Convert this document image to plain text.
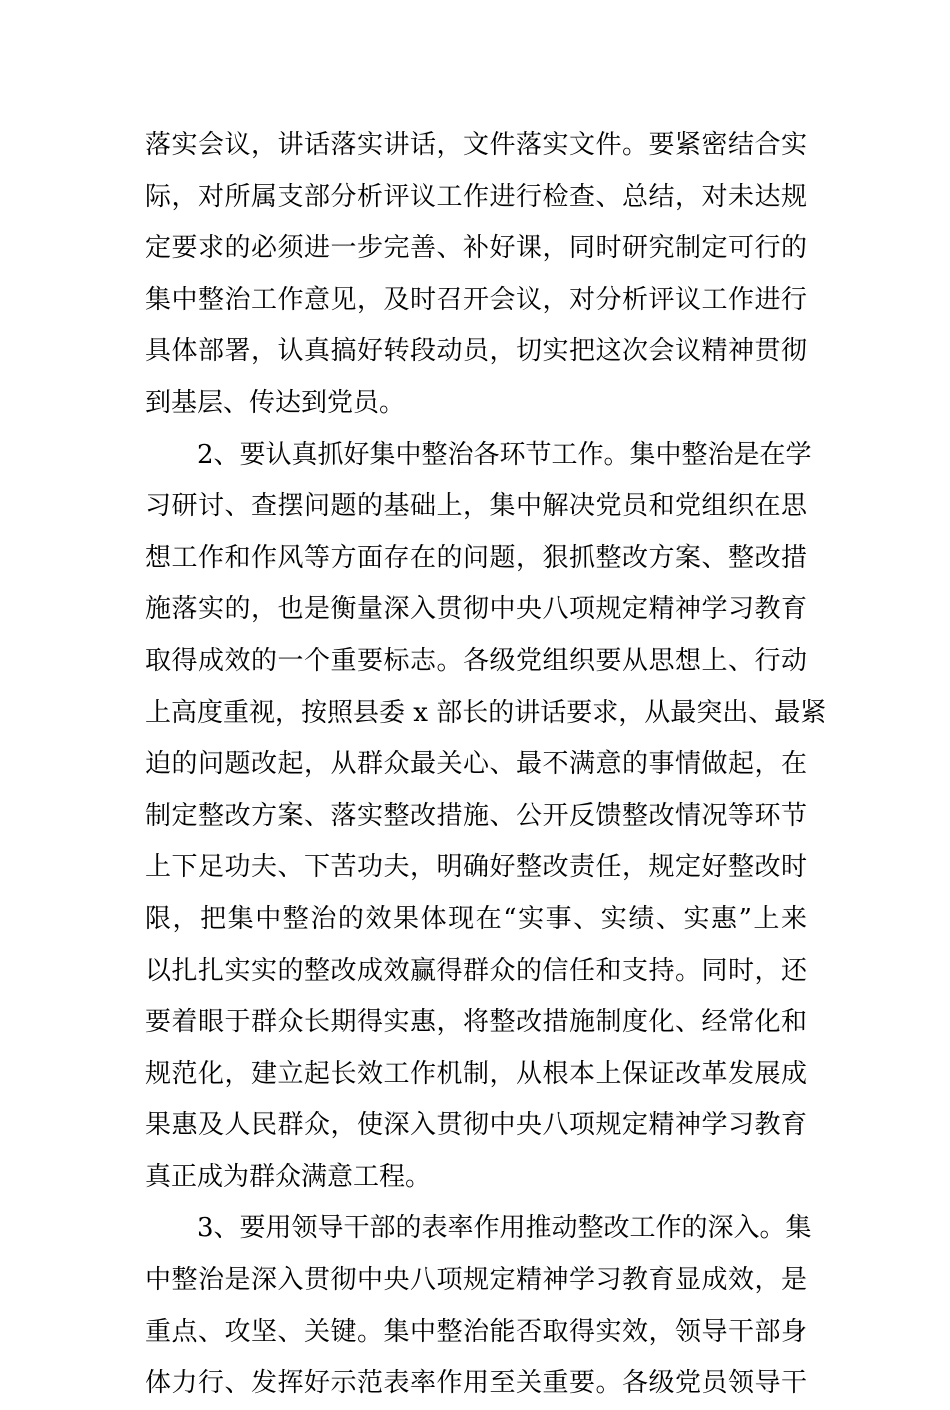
落实会议，讲话落实讲话，文件落实文件。要紧密结合实
际，对所属支部分析评议工作进行检查、总结，对未达规
定要求的必须进一步完善、补好课，同时研究制定可行的
集中整治工作意见，及时召开会议，对分析评议工作进行
具体部署，认真搞好转段动员，切实把这次会议精神贯彻
到基层、传达到党员。
2、要认真抓好集中整治各环节工作。集中整治是在学
习研讨、查摆问题的基础上，集中解决党员和党组织在思
想工作和作风等方面存在的问题，狠抓整改方案、整改措
施落实的，也是衡量深入贯彻中央八项规定精神学习教育
取得成效的一个重要标志。各级党组织要从思想上、行动
上高度重视，按照县委 x 部长的讲话要求，从最突出、最紧
迫的问题改起，从群众最关心、最不满意的事情做起，在
制定整改方案、落实整改措施、公开反馈整改情况等环节
上下足功夫、下苦功夫，明确好整改责任，规定好整改时
限，把集中整治的效果体现在“实事、实绩、实惠”上来
以扎扎实实的整改成效赢得群众的信任和支持。同时，还
要着眼于群众长期得实惠，将整改措施制度化、经常化和
规范化，建立起长效工作机制，从根本上保证改革发展成
果惠及人民群众，使深入贯彻中央八项规定精神学习教育
真正成为群众满意工程。
3、要用领导干部的表率作用推动整改工作的深入。集
中整治是深入贯彻中央八项规定精神学习教育显成效，是
重点、攻坚、关键。集中整治能否取得实效，领导干部身
体力行、发挥好示范表率作用至关重要。各级党员领导干
